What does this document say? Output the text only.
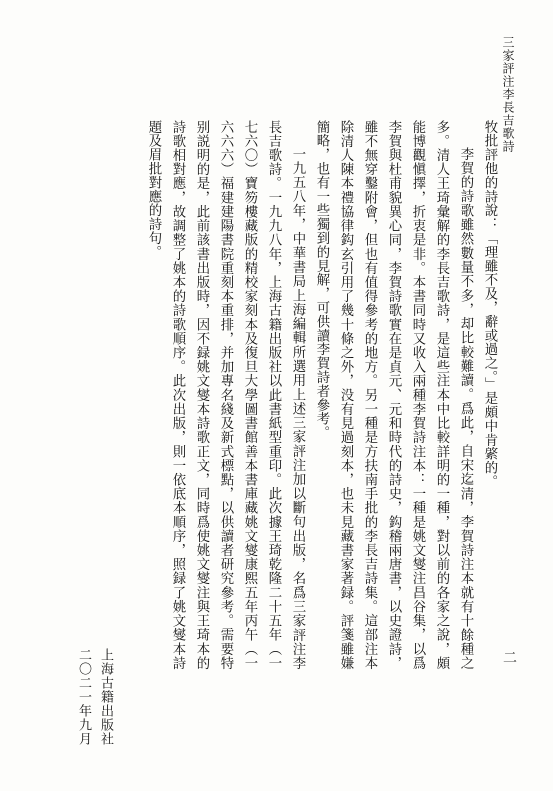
三家評注李長吉歌詩

牧批評他的詩說：「理雖不及，辭或過之。」是頗中肯綮的。

李賀的詩歌雖然數量不多，却比較難讀。爲此，自宋迄清，李賀詩注本就有十餘種之多。清人王琦彙解的李長吉歌詩，是這些注本中比較詳明的一種，對以前的各家之說，頗能博觀愼擇，折衷是非。本書同時又收入兩種李賀詩注本：一種是姚文燮注昌谷集，以爲李賀與杜甫貌異心同，李賀詩歌實在是貞元、元和時代的詩史，鈎稽兩唐書，以史證詩，雖不無穿鑿附會，但也有值得參考的地方。另一種是方扶南手批的李長吉詩集。這部注本除清人陳本禮協律鈎玄引用了幾十條之外，没有見過刻本，也未見藏書家著録。評箋雖嫌簡略，也有一些獨到的見解，可供讀李賀詩者參考。

一九五八年，中華書局上海編輯所選用上述三家評注加以斷句出版，名爲三家評注李長吉歌詩。一九九八年，上海古籍出版社以此書紙型重印。此次據王琦乾隆二十五年（一七六〇）寶笏樓藏版的精校家刻本及復旦大學圖書館善本書庫藏姚文燮康熙五年丙午（一六六六）福建建陽書院重刻本重排，并加專名綫及新式標點，以供讀者研究參考。需要特别説明的是，此前該書出版時，因不録姚文燮本詩歌正文，同時爲使姚文燮注與王琦本的詩歌相對應，故調整了姚本的詩歌順序。此次出版，則一依底本順序，照録了姚文燮本詩題及眉批對應的詩句。

二
上海古籍出版社
二〇二一年九月
